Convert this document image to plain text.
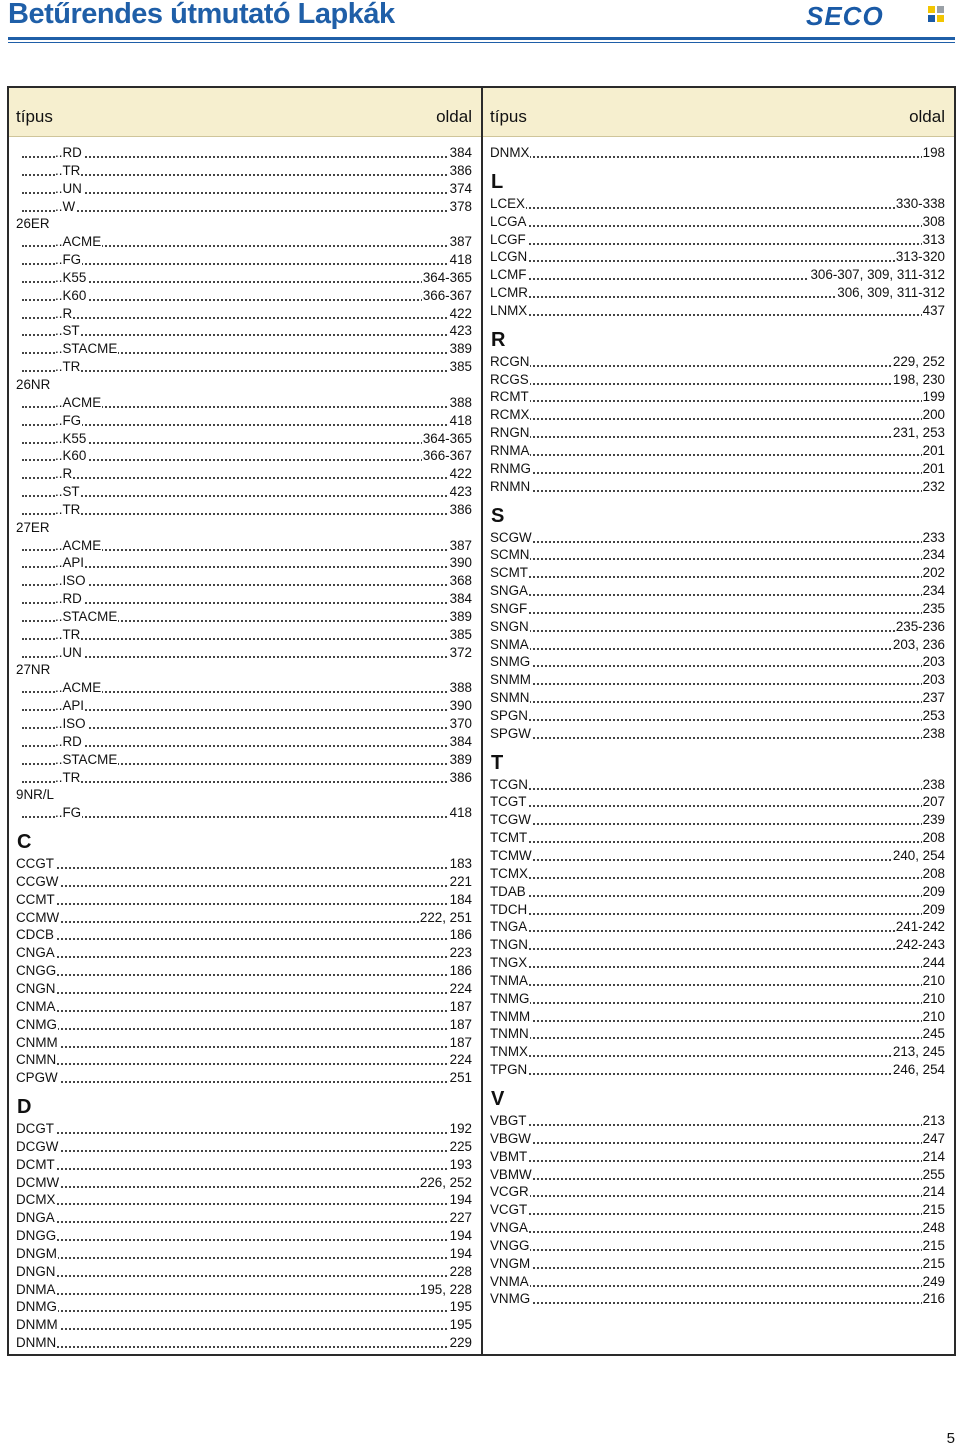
Betűrendes útmutató Lapkák	SECO
típus	oldal
..RD	384
..TR	386
..UN	374
..W	378
26ER
..ACME	387
..FG	418
..K55	364-365
..K60	366-367
..R	422
..ST	423
..STACME	389
..TR	385
26NR
..ACME	388
..FG	418
..K55	364-365
..K60	366-367
..R	422
..ST	423
..TR	386
27ER
..ACME	387
..API	390
..ISO	368
..RD	384
..STACME	389
..TR	385
..UN	372
27NR
..ACME	388
..API	390
..ISO	370
..RD	384
..STACME	389
..TR	386
9NR/L
..FG	418
C
CCGT	183
CCGW	221
CCMT	184
CCMW	222, 251
CDCB	186
CNGA	223
CNGG	186
CNGN	224
CNMA	187
CNMG	187
CNMM	187
CNMN	224
CPGW	251
D
DCGT	192
DCGW	225
DCMT	193
DCMW	226, 252
DCMX	194
DNGA	227
DNGG	194
DNGM	194
DNGN	228
DNMA	195, 228
DNMG	195
DNMM	195
DNMN	229
típus	oldal
DNMX	198
L
LCEX	330-338
LCGA	308
LCGF	313
LCGN	313-320
LCMF	306-307, 309, 311-312
LCMR	306, 309, 311-312
LNMX	437
R
RCGN	229, 252
RCGS	198, 230
RCMT	199
RCMX	200
RNGN	231, 253
RNMA	201
RNMG	201
RNMN	232
S
SCGW	233
SCMN	234
SCMT	202
SNGA	234
SNGF	235
SNGN	235-236
SNMA	203, 236
SNMG	203
SNMM	203
SNMN	237
SPGN	253
SPGW	238
T
TCGN	238
TCGT	207
TCGW	239
TCMT	208
TCMW	240, 254
TCMX	208
TDAB	209
TDCH	209
TNGA	241-242
TNGN	242-243
TNGX	244
TNMA	210
TNMG	210
TNMM	210
TNMN	245
TNMX	213, 245
TPGN	246, 254
V
VBGT	213
VBGW	247
VBMT	214
VBMW	255
VCGR	214
VCGT	215
VNGA	248
VNGG	215
VNGM	215
VNMA	249
VNMG	216
5
